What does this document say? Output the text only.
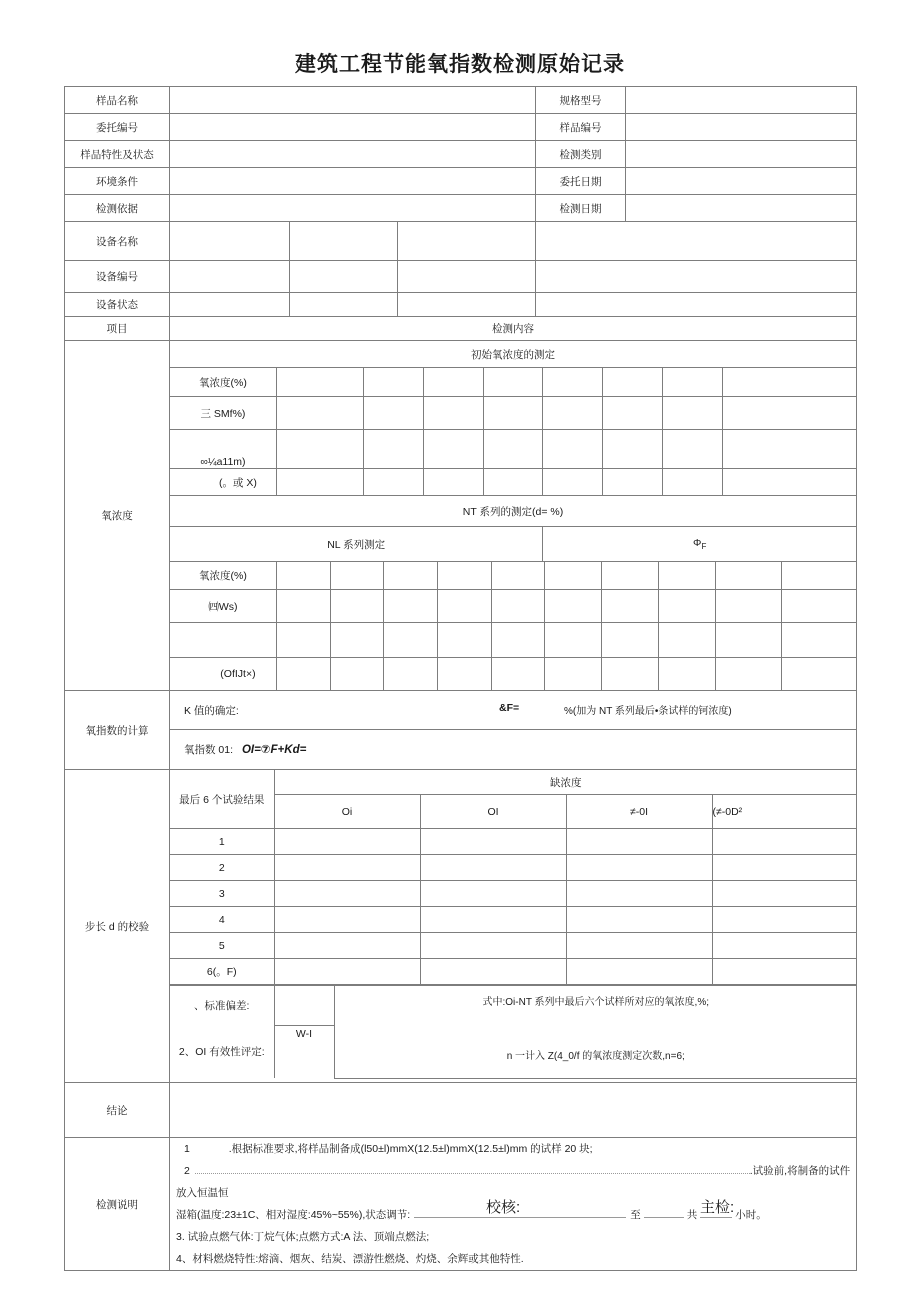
建筑工程节能氧指数检测原始记录
样品名称		规格型号	
委托编号		样品编号	
样品特性及状态		检测类别	
环境条件		委托日期	
检测依据		检测日期	
设备名称				
设备编号				
设备状态				
项目	检测内容
氧浓度	
初始氧浓度的测定
氧浓度(%)								
三 SMf%)								
∞¼a11m)								
(。或 X)								
NT 系列的测定(d= %)
NL 系列测定	$\Phi_F$
氧浓度(%)										
㈣Ws)										

(OfIJt×)										

氧指数的计算	
K 值的确定:	&F=	%(加为 NT 系列最后•条试样的钶浓度)

氧指数 01: OI=⑦F+Kd=

步长 d 的校验	
最后 6 个试验结果	缺浓度
Oi	OI	≠-0I	(≠-0D²
1				
2				
3				
4				
5				
6(。F)				
、标准偏差:		式中:Oi-NT 系列中最后六个试样所对应的氧浓度,%;
n 一计入 Z(4_0/f 的氧浓度测定次数,n=6;

2、OI 有效性评定:	W-I

结论	
检测说明	
1	.根据标准要求,将样品制备成(l50±l)mmX(12.5±l)mmX(12.5±l)mm 的试样 20 块;
2	.试验前,将制备的试件放入恒温恒
湿箱(温度:23±1C、相对湿度:45%~55%),状态调节:	至	共	小时。
3. 试验点燃气体:丁烷气体;点燃方式:A 法、顶端点燃法;
4、材料燃烧特性:熔滴、烟灰、结炭、漂游性燃烧、灼烧、余辉或其他特性.
校核:	主检:
